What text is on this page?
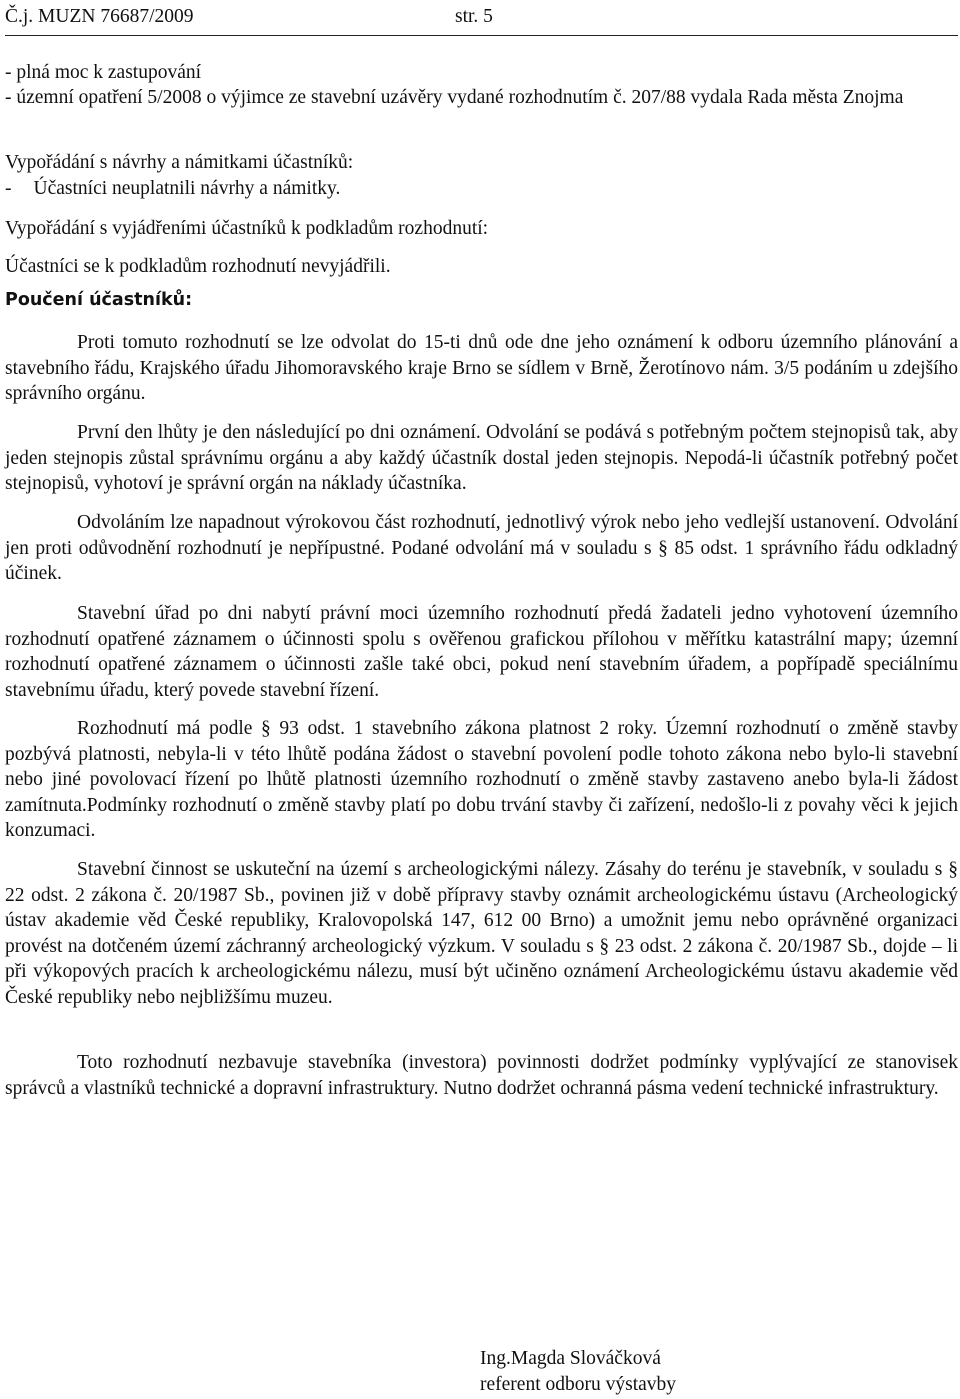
Č.j. MUZN 76687/2009	str. 5
- plná moc k zastupování

- územní opatření 5/2008 o výjimce ze stavební uzávěry vydané rozhodnutím č. 207/88 vydala Rada města Znojma

Vypořádání s návrhy a námitkami účastníků:
- Účastníci neuplatnili návrhy a námitky.
Vypořádání s vyjádřeními účastníků k podkladům rozhodnutí:
Účastníci se k podkladům rozhodnutí nevyjádřili.
Poučení účastníků:

Proti tomuto rozhodnutí se lze odvolat do 15-ti dnů ode dne jeho oznámení k odboru územního plánování a stavebního řádu, Krajského úřadu Jihomoravského kraje Brno se sídlem v Brně, Žerotínovo nám. 3/5 podáním u zdejšího správního orgánu.

První den lhůty je den následující po dni oznámení. Odvolání se podává s potřebným počtem stejnopisů tak, aby jeden stejnopis zůstal správnímu orgánu a aby každý účastník dostal jeden stejnopis. Nepodá-li účastník potřebný počet stejnopisů, vyhotoví je správní orgán na náklady účastníka.

Odvoláním lze napadnout výrokovou část rozhodnutí, jednotlivý výrok nebo jeho vedlejší ustanovení. Odvolání jen proti odůvodnění rozhodnutí je nepřípustné. Podané odvolání má v souladu s § 85 odst. 1 správního řádu odkladný účinek.

Stavební úřad po dni nabytí právní moci územního rozhodnutí předá žadateli jedno vyhotovení územního rozhodnutí opatřené záznamem o účinnosti spolu s ověřenou grafickou přílohou v měřítku katastrální mapy; územní rozhodnutí opatřené záznamem o účinnosti zašle také obci, pokud není stavebním úřadem, a popřípadě speciálnímu stavebnímu úřadu, který povede stavební řízení.

Rozhodnutí má podle § 93 odst. 1 stavebního zákona platnost 2 roky. Územní rozhodnutí o změně stavby pozbývá platnosti, nebyla-li v této lhůtě podána žádost o stavební povolení podle tohoto zákona nebo bylo-li stavební nebo jiné povolovací řízení po lhůtě platnosti územního rozhodnutí o změně stavby zastaveno anebo byla-li žádost zamítnuta.Podmínky rozhodnutí o změně stavby platí po dobu trvání stavby či zařízení, nedošlo-li z povahy věci k jejich konzumaci.

Stavební činnost se uskuteční na území s archeologickými nálezy. Zásahy do terénu je stavebník, v souladu s § 22 odst. 2 zákona č. 20/1987 Sb., povinen již v době přípravy stavby oznámit archeologickému ústavu (Archeologický ústav akademie věd České republiky, Kralovopolská 147, 612 00 Brno) a umožnit jemu nebo oprávněné organizaci provést na dotčeném území záchranný archeologický výzkum. V souladu s § 23 odst. 2 zákona č. 20/1987 Sb., dojde – li při výkopových pracích k archeologickému nálezu, musí být učiněno oznámení Archeologickému ústavu akademie věd České republiky nebo nejbližšímu muzeu.

Toto rozhodnutí nezbavuje stavebníka (investora) povinnosti dodržet podmínky vyplývající ze stanovisek správců a vlastníků technické a dopravní infrastruktury. Nutno dodržet ochranná pásma vedení technické infrastruktury.

Ing.Magda Slováčková
referent odboru výstavby
